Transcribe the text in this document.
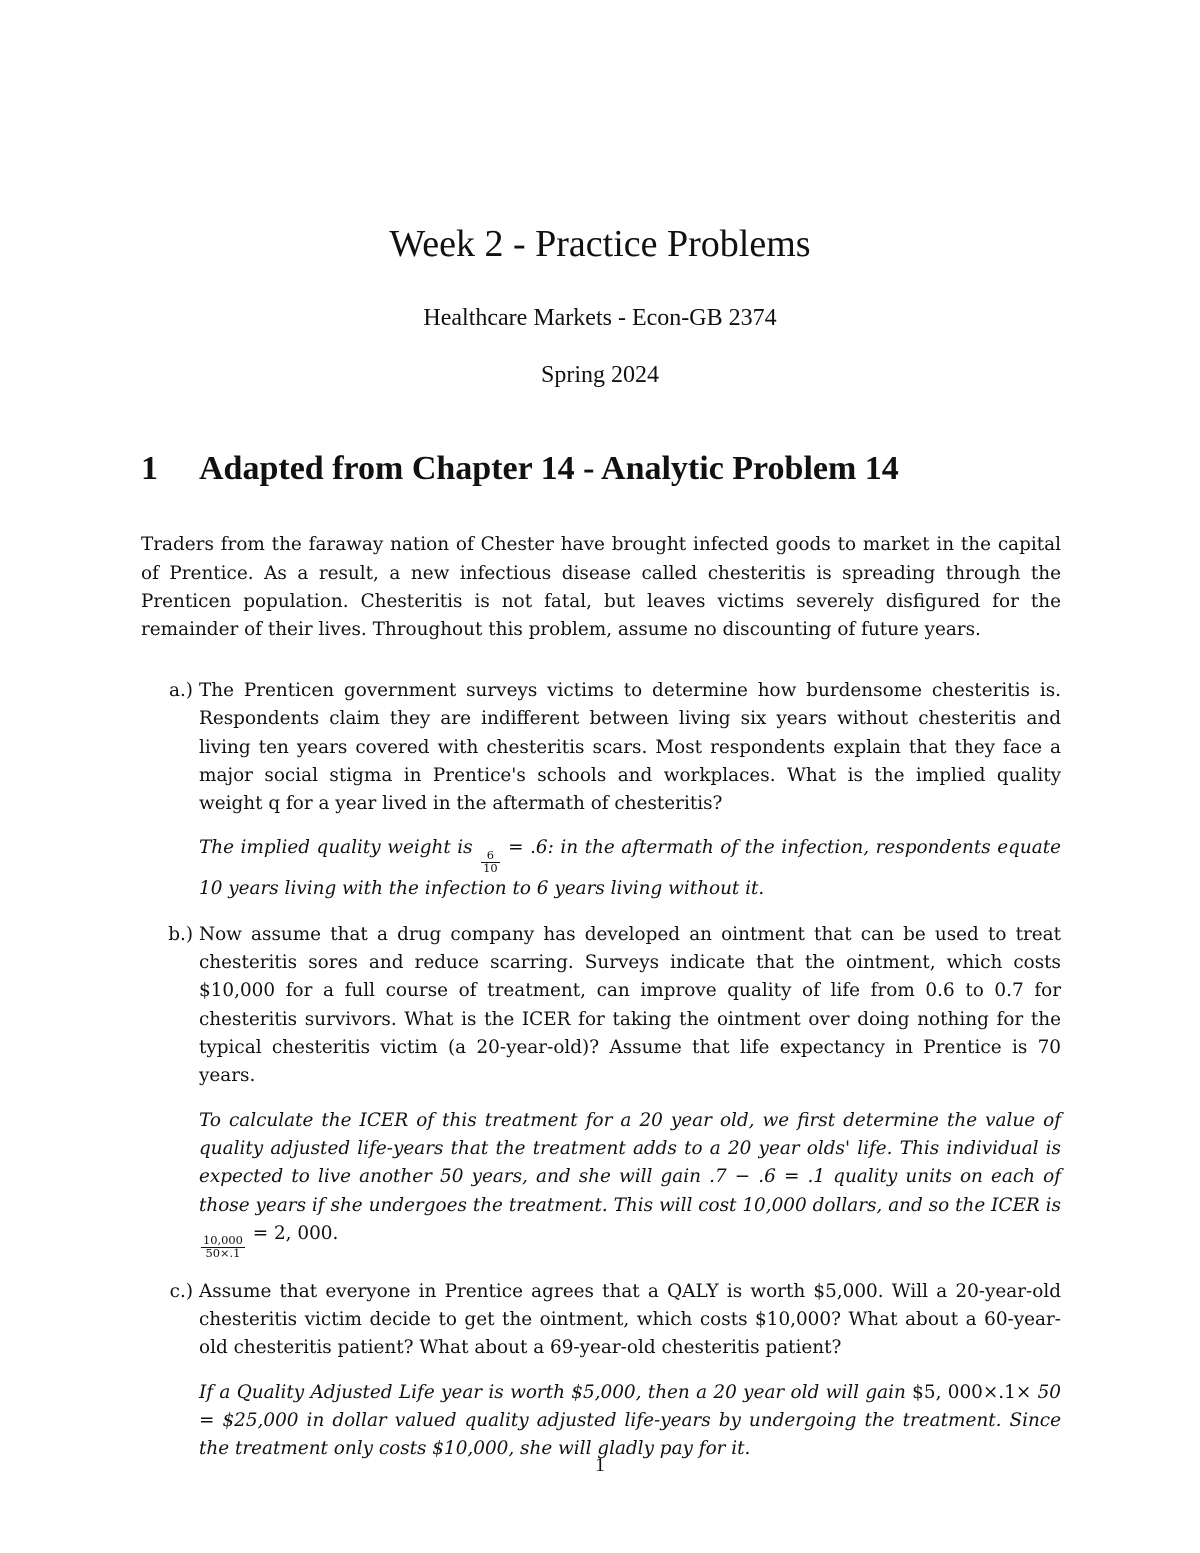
Week 2 - Practice Problems

Healthcare Markets - Econ-GB 2374

Spring 2024

1 Adapted from Chapter 14 - Analytic Problem 14

Traders from the faraway nation of Chester have brought infected goods to market in the capital of Prentice. As a result, a new infectious disease called chesteritis is spreading through the Prenticen population. Chesteritis is not fatal, but leaves victims severely disfigured for the remainder of their lives. Throughout this problem, assume no discounting of future years.

a.) The Prenticen government surveys victims to determine how burdensome chesteritis is. Respondents claim they are indifferent between living six years without chesteritis and living ten years covered with chesteritis scars. Most respondents explain that they face a major social stigma in Prentice's schools and workplaces. What is the implied quality weight q for a year lived in the aftermath of chesteritis?

The implied quality weight is
$\frac{6}{10}$
= .6: in the aftermath of the infection, respondents equate 10 years living with the infection to 6 years living without it.

b.) Now assume that a drug company has developed an ointment that can be used to treat chesteritis sores and reduce scarring. Surveys indicate that the ointment, which costs $10,000 for a full course of treatment, can improve quality of life from 0.6 to 0.7 for chesteritis survivors. What is the ICER for taking the ointment over doing nothing for the typical chesteritis victim (a 20-year-old)? Assume that life expectancy in Prentice is 70 years.

To calculate the ICER of this treatment for a 20 year old, we first determine the value of quality adjusted life-years that the treatment adds to a 20 year olds' life. This individual is expected to live another 50 years, and she will gain .7 − .6 = .1 quality units on each of those years if she undergoes the treatment. This will cost 10,000 dollars, and so the ICER is
$\frac{10,000}{50\times.1}$
= 2, 000.

c.) Assume that everyone in Prentice agrees that a QALY is worth $5,000. Will a 20-year-old chesteritis victim decide to get the ointment, which costs $10,000? What about a 60-year-old chesteritis patient? What about a 69-year-old chesteritis patient?

If a Quality Adjusted Life year is worth $5,000, then a 20 year old will gain $5, 000×.1× 50 = $25,000 in dollar valued quality adjusted life-years by undergoing the treatment. Since the treatment only costs $10,000, she will gladly pay for it.

1
